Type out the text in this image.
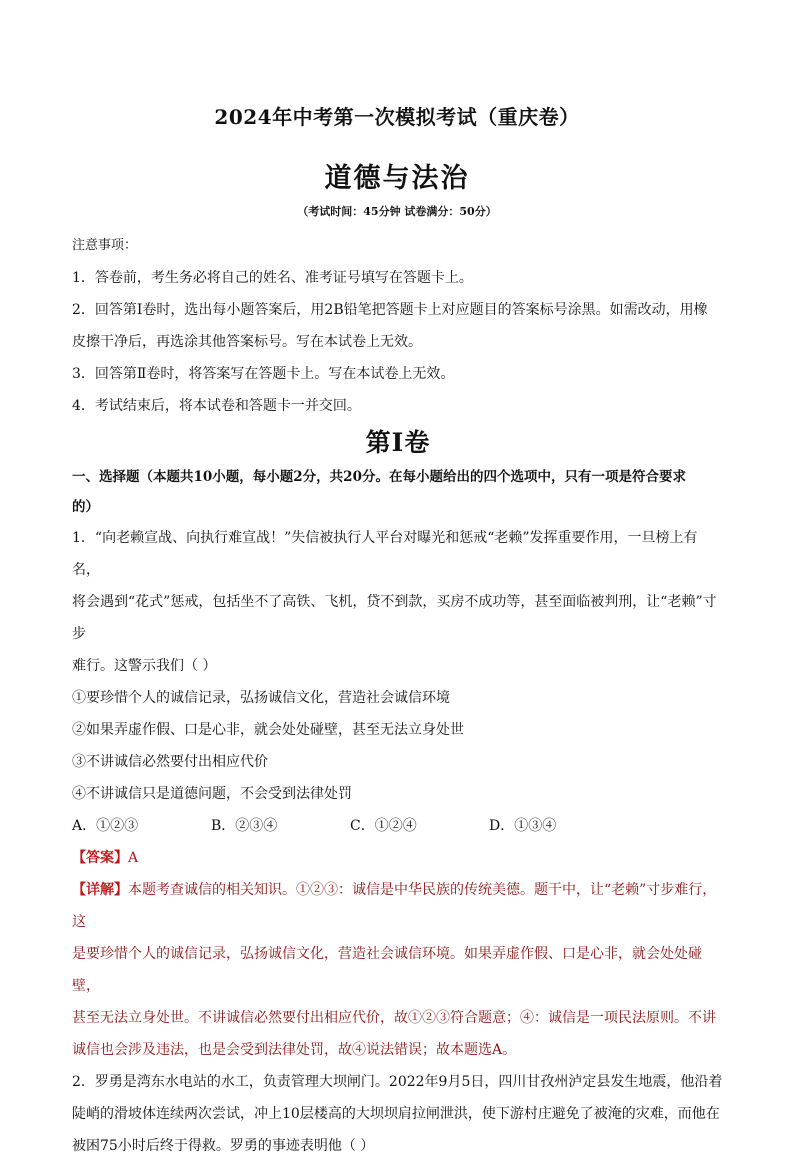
2024年中考第一次模拟考试（重庆卷）
道德与法治
（考试时间：45分钟 试卷满分：50分）

注意事项：

1．答卷前，考生务必将自己的姓名、准考证号填写在答题卡上。

2．回答第Ⅰ卷时，选出每小题答案后，用2B铅笔把答题卡上对应题目的答案标号涂黑。如需改动，用橡

皮擦干净后，再选涂其他答案标号。写在本试卷上无效。

3．回答第Ⅱ卷时，将答案写在答题卡上。写在本试卷上无效。

4．考试结束后，将本试卷和答题卡一并交回。

第Ⅰ卷

一、选择题（本题共10小题，每小题2分，共20分。在每小题给出的四个选项中，只有一项是符合要求

的）

1．“向老赖宣战、向执行难宣战！”失信被执行人平台对曝光和惩戒“老赖”发挥重要作用，一旦榜上有名，

将会遇到“花式”惩戒，包括坐不了高铁、飞机，贷不到款，买房不成功等，甚至面临被判刑，让“老赖”寸步

难行。这警示我们（ ）

①要珍惜个人的诚信记录，弘扬诚信文化，营造社会诚信环境

②如果弄虚作假、口是心非，就会处处碰壁，甚至无法立身处世

③不讲诚信必然要付出相应代价

④不讲诚信只是道德问题，不会受到法律处罚

A．①②③	B．②③④	C．①②④	D．①③④

【答案】A

【详解】本题考查诚信的相关知识。①②③：诚信是中华民族的传统美德。题干中，让“老赖”寸步难行，这

是要珍惜个人的诚信记录，弘扬诚信文化，营造社会诚信环境。如果弄虚作假、口是心非，就会处处碰壁，

甚至无法立身处世。不讲诚信必然要付出相应代价，故①②③符合题意；④：诚信是一项民法原则。不讲

诚信也会涉及违法，也是会受到法律处罚，故④说法错误；故本题选A。

2．罗勇是湾东水电站的水工，负责管理大坝闸门。2022年9月5日，四川甘孜州泸定县发生地震，他沿着

陡峭的滑坡体连续两次尝试，冲上10层楼高的大坝坝肩拉闸泄洪，使下游村庄避免了被淹的灾难，而他在

被困75小时后终于得救。罗勇的事迹表明他（ ）
